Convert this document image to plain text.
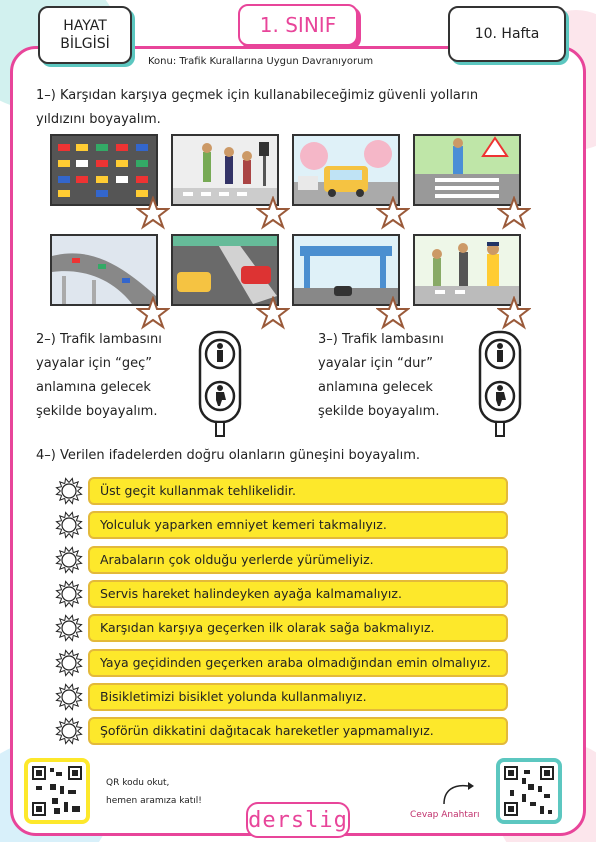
HAYAT
BİLGİSİ
1. SINIF	10. Hafta
Konu: Trafik Kurallarına Uygun Davranıyorum
1–) Karşıdan karşıya geçmek için kullanabileceğimiz güvenli yolların
yıldızını boyayalım.
2–) Trafik lambasını
yayalar için “geç”
anlamına gelecek
şekilde boyayalım.
3–) Trafik lambasını
yayalar için “dur”
anlamına gelecek
şekilde boyayalım.
4–) Verilen ifadelerden doğru olanların güneşini boyayalım.
Üst geçit kullanmak tehlikelidir.
Yolculuk yaparken emniyet kemeri takmalıyız.
Arabaların çok olduğu yerlerde yürümeliyiz.
Servis hareket halindeyken ayağa kalmamalıyız.
Karşıdan karşıya geçerken ilk olarak sağa bakmalıyız.
Yaya geçidinden geçerken araba olmadığından emin olmalıyız.
Bisikletimizi bisiklet yolunda kullanmalıyız.
Şoförün dikkatini dağıtacak hareketler yapmamalıyız.
QR kodu okut,
hemen aramıza katıl!
derslig	Cevap Anahtarı
